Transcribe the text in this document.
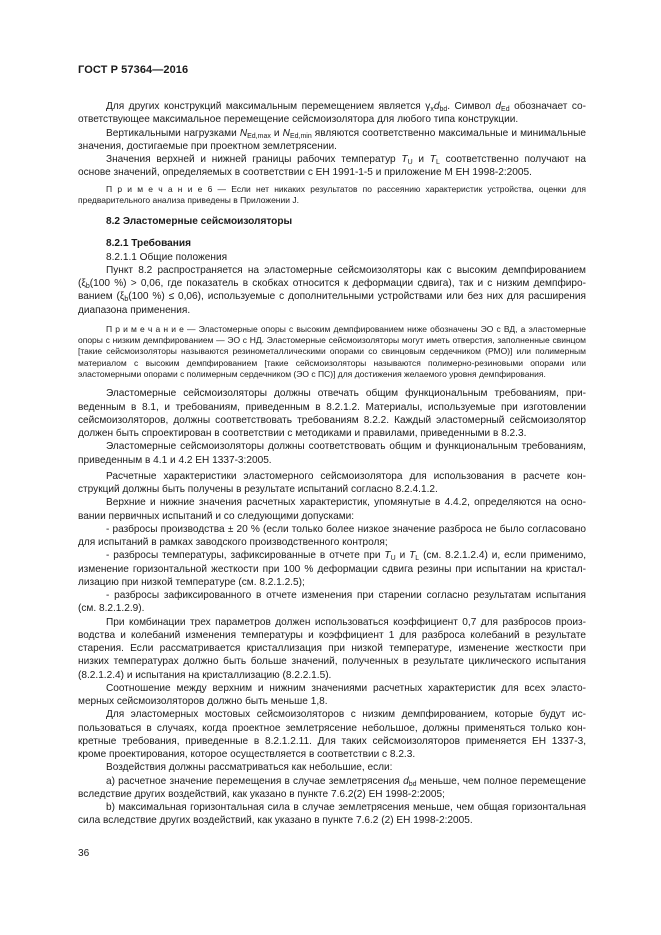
ГОСТ Р 57364—2016

Для других конструкций максимальным перемещением является $\gamma_xd_{bd}$. Символ $d_{Ed}$ обозначает соответствующее максимальное перемещение сейсмоизолятора для любого типа конструкции.

Вертикальными нагрузками $N_{Ed,max}$ и $N_{Ed,min}$ являются соответственно максимальные и минимальные значения, достигаемые при проектном землетрясении.

Значения верхней и нижней границы рабочих температур $T_U$ и $T_L$ соответственно получают на основе значений, определяемых в соответствии с ЕН 1991-1-5 и приложение М ЕН 1998-2:2005.

П р и м е ч а н и е 6 — Если нет никаких результатов по рассеянию характеристик устройства, оценки для предварительного анализа приведены в Приложении J.

8.2 Эластомерные сейсмоизоляторы

8.2.1 Требования

8.2.1.1 Общие положения

Пункт 8.2 распространяется на эластомерные сейсмоизоляторы как с высоким демпфированием ($\xi_b(100$ %) > 0,06, где показатель в скобках относится к деформации сдвига), так и с низким демпфированием ($\xi_b(100$ %) ≤ 0,06), используемые с дополнительными устройствами или без них для расширения диапазона применения.

П р и м е ч а н и е — Эластомерные опоры с высоким демпфированием ниже обозначены ЭО с ВД, а эластомерные опоры с низким демпфированием — ЭО с НД. Эластомерные сейсмоизоляторы могут иметь отверстия, заполненные свинцом [такие сейсмоизоляторы называются резинометаллическими опорами со свинцовым сердечником (РМО)] или полимерным материалом с высоким демпфированием [такие сейсмоизоляторы называются полимерно-резиновыми опорами или эластомерными опорами с полимерным сердечником (ЭО с ПС)] для достижения желаемого уровня демпфирования.

Эластомерные сейсмоизоляторы должны отвечать общим функциональным требованиям, приведенным в 8.1, и требованиям, приведенным в 8.2.1.2. Материалы, используемые при изготовлении сейсмоизоляторов, должны соответствовать требованиям 8.2.2. Каждый эластомерный сейсмоизолятор должен быть спроектирован в соответствии с методиками и правилами, приведенными в 8.2.3.

Эластомерные сейсмоизоляторы должны соответствовать общим и функциональным требованиям, приведенным в 4.1 и 4.2 ЕН 1337-3:2005.

Расчетные характеристики эластомерного сейсмоизолятора для использования в расчете конструкций должны быть получены в результате испытаний согласно 8.2.4.1.2.

Верхние и нижние значения расчетных характеристик, упомянутые в 4.4.2, определяются на основании первичных испытаний и со следующими допусками:

- разбросы производства ± 20 % (если только более низкое значение разброса не было согласовано для испытаний в рамках заводского производственного контроля;

- разбросы температуры, зафиксированные в отчете при $T_U$ и $T_L$ (см. 8.2.1.2.4) и, если применимо, изменение горизонтальной жесткости при 100 % деформации сдвига резины при испытании на кристаллизацию при низкой температуре (см. 8.2.1.2.5);

- разбросы зафиксированного в отчете изменения при старении согласно результатам испытания (см. 8.2.1.2.9).

При комбинации трех параметров должен использоваться коэффициент 0,7 для разбросов производства и колебаний изменения температуры и коэффициент 1 для разброса колебаний в результате старения. Если рассматривается кристаллизация при низкой температуре, изменение жесткости при низких температурах должно быть больше значений, полученных в результате циклического испытания (8.2.1.2.4) и испытания на кристаллизацию (8.2.2.1.5).

Соотношение между верхним и нижним значениями расчетных характеристик для всех эластомерных сейсмоизоляторов должно быть меньше 1,8.

Для эластомерных мостовых сейсмоизоляторов с низким демпфированием, которые будут использоваться в случаях, когда проектное землетрясение небольшое, должны применяться только конкретные требования, приведенные в 8.2.1.2.11. Для таких сейсмоизоляторов применяется ЕН 1337-3, кроме проектирования, которое осуществляется в соответствии с 8.2.3.

Воздействия должны рассматриваться как небольшие, если:

а) расчетное значение перемещения в случае землетрясения $d_{bd}$ меньше, чем полное перемещение вследствие других воздействий, как указано в пункте 7.6.2(2) ЕН 1998-2:2005;

b) максимальная горизонтальная сила в случае землетрясения меньше, чем общая горизонтальная сила вследствие других воздействий, как указано в пункте 7.6.2 (2) ЕН 1998-2:2005.

36
